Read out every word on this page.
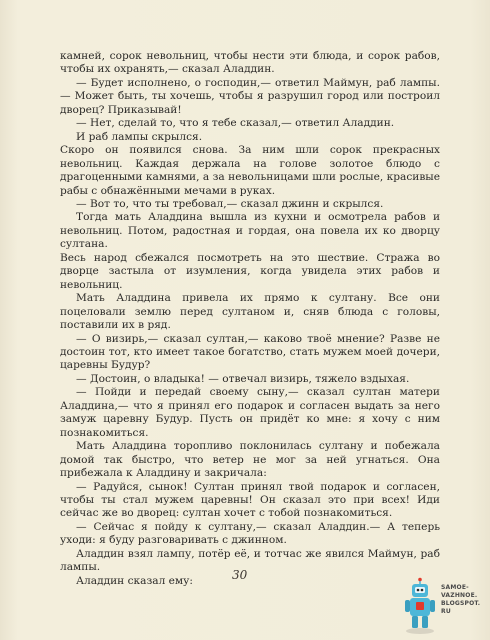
камней, сорок невольниц, чтобы нести эти блюда, и сорок рабов, чтобы их охранять,— сказал Аладдин.

— Будет исполнено, о господин,— ответил Маймун, раб лампы.— Может быть, ты хочешь, чтобы я разрушил город или построил дворец? Приказывай!

— Нет, сделай то, что я тебе сказал,— ответил Аладдин.

И раб лампы скрылся.

Скоро он появился снова. За ним шли сорок прекрасных невольниц. Каждая держала на голове золотое блюдо с драгоценными камнями, а за невольницами шли рослые, красивые рабы с обнажёнными мечами в руках.

— Вот то, что ты требовал,— сказал джинн и скрылся.

Тогда мать Аладдина вышла из кухни и осмотрела рабов и невольниц. Потом, радостная и гордая, она повела их ко дворцу султана.

Весь народ сбежался посмотреть на это шествие. Стража во дворце застыла от изумления, когда увидела этих рабов и невольниц.

Мать Аладдина привела их прямо к султану. Все они поцеловали землю перед султаном и, сняв блюда с головы, поставили их в ряд.

— О визирь,— сказал султан,— каково твоё мнение? Разве не достоин тот, кто имеет такое богатство, стать мужем моей дочери, царевны Будур?

— Достоин, о владыка! — отвечал визирь, тяжело вздыхая.

— Пойди и передай своему сыну,— сказал султан матери Аладдина,— что я принял его подарок и согласен выдать за него замуж царевну Будур. Пусть он придёт ко мне: я хочу с ним познакомиться.

Мать Аладдина торопливо поклонилась султану и побежала домой так быстро, что ветер не мог за ней угнаться. Она прибежала к Аладдину и закричала:

— Радуйся, сынок! Султан принял твой подарок и согласен, чтобы ты стал мужем царевны! Он сказал это при всех! Иди сейчас же во дворец: султан хочет с тобой познакомиться.

— Сейчас я пойду к султану,— сказал Аладдин.— А теперь уходи: я буду разговаривать с джинном.

Аладдин взял лампу, потёр её, и тотчас же явился Маймун, раб лампы.

Аладдин сказал ему:	30
SAMOE-VAZHNOE.
BLOGSPOT.
RU
